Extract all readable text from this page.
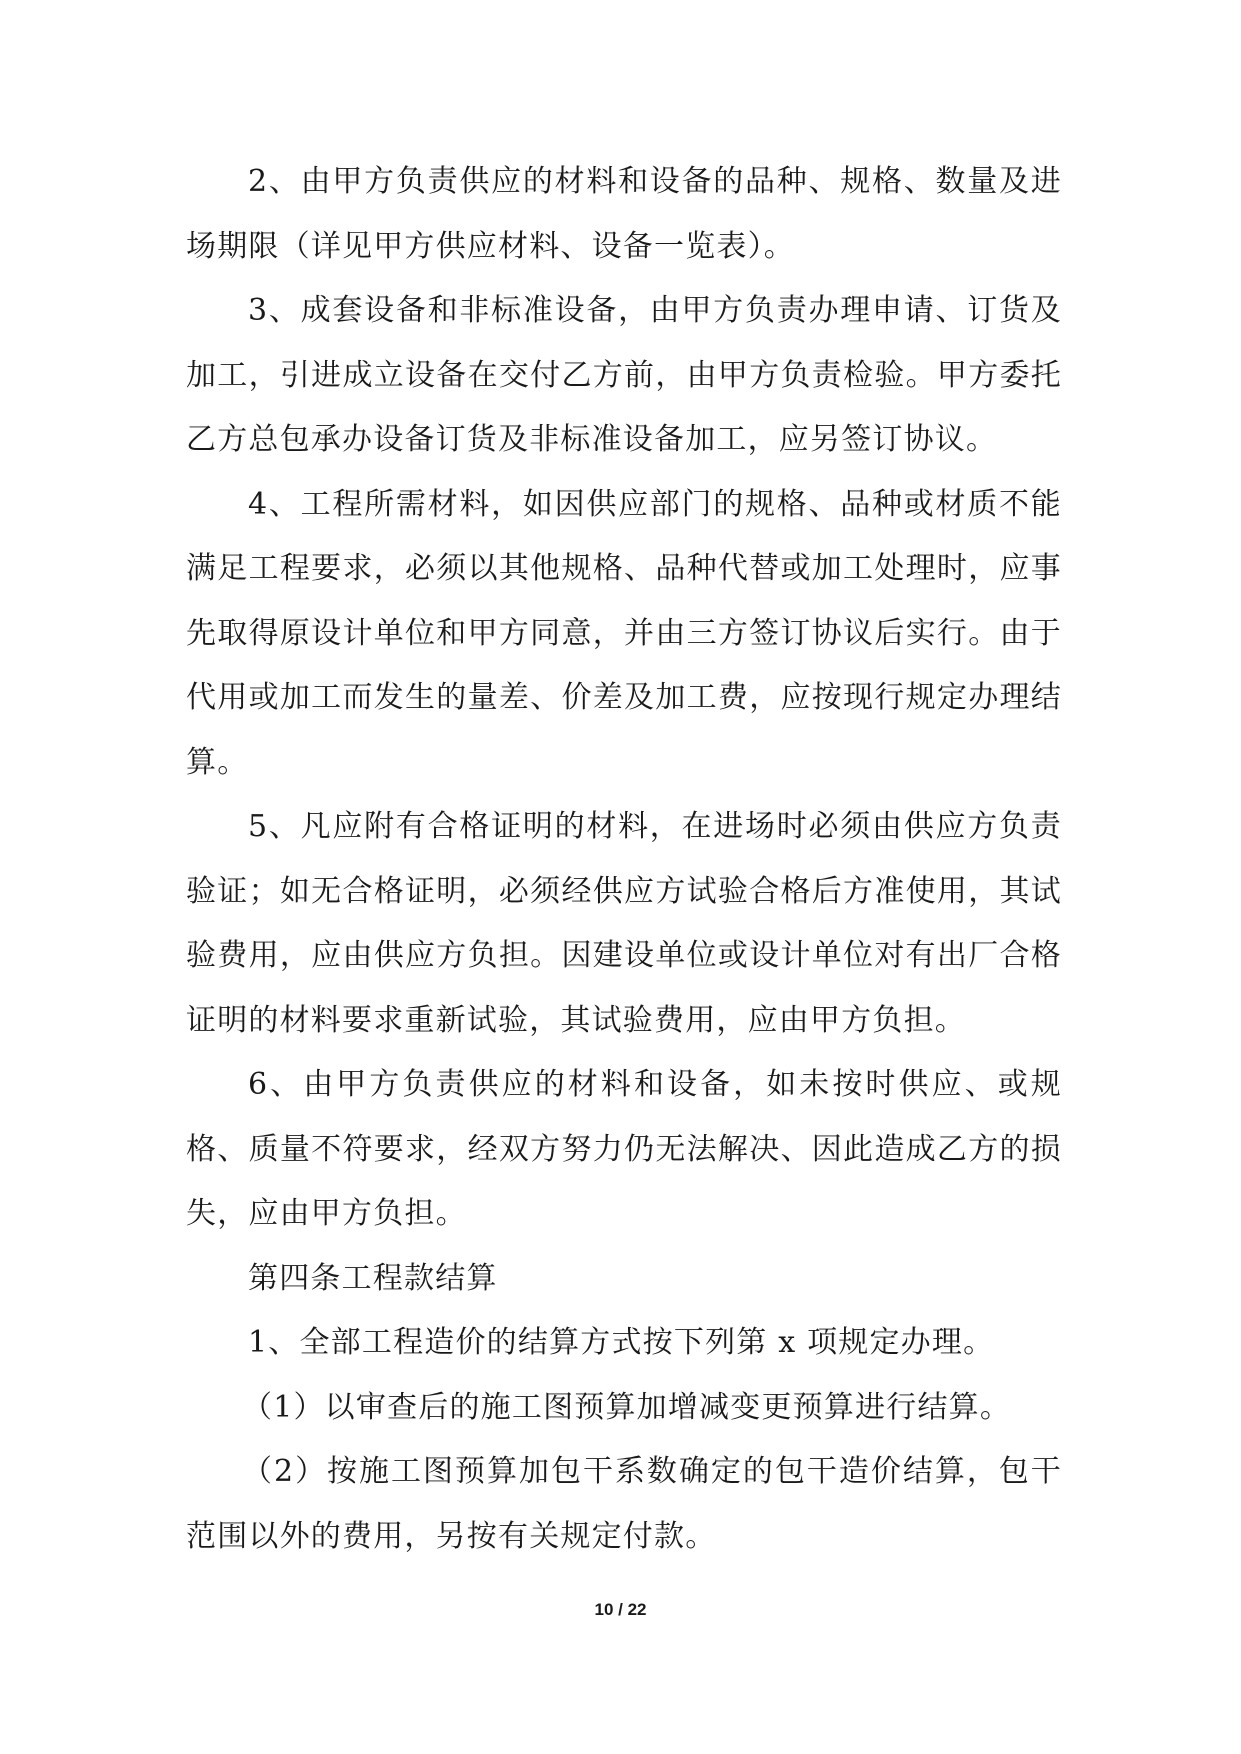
2、由甲方负责供应的材料和设备的品种、规格、数量及进场期限（详见甲方供应材料、设备一览表）。

3、成套设备和非标准设备，由甲方负责办理申请、订货及加工，引进成立设备在交付乙方前，由甲方负责检验。甲方委托乙方总包承办设备订货及非标准设备加工，应另签订协议。

4、工程所需材料，如因供应部门的规格、品种或材质不能满足工程要求，必须以其他规格、品种代替或加工处理时，应事先取得原设计单位和甲方同意，并由三方签订协议后实行。由于代用或加工而发生的量差、价差及加工费，应按现行规定办理结算。

5、凡应附有合格证明的材料，在进场时必须由供应方负责验证；如无合格证明，必须经供应方试验合格后方准使用，其试验费用，应由供应方负担。因建设单位或设计单位对有出厂合格证明的材料要求重新试验，其试验费用，应由甲方负担。

6、由甲方负责供应的材料和设备，如未按时供应、或规格、质量不符要求，经双方努力仍无法解决、因此造成乙方的损失，应由甲方负担。

第四条工程款结算

1、全部工程造价的结算方式按下列第 x 项规定办理。

（1）以审查后的施工图预算加增减变更预算进行结算。

（2）按施工图预算加包干系数确定的包干造价结算，包干范围以外的费用，另按有关规定付款。

10 / 22
